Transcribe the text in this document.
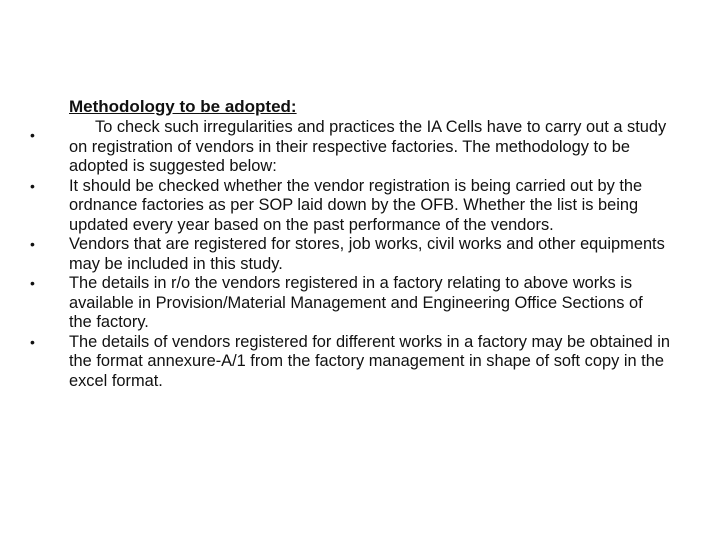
Methodology to be adopted:
•	To check such irregularities and practices the IA Cells have to carry out a study on registration of vendors in their respective factories. The methodology to be adopted is suggested below:
•	It should be checked whether the vendor registration is being carried out by the ordnance factories as per SOP laid down by the OFB. Whether the list is being updated every year based on the past performance of the vendors.
•	Vendors that are registered for stores, job works, civil works and other equipments may be included in this study.
•	The details in r/o the vendors registered in a factory relating to above works is available in Provision/Material Management and Engineering Office Sections of the factory.
•	The details of vendors registered for different works in a factory may be obtained in the format annexure-A/1 from the factory management in shape of soft copy in the excel format.
